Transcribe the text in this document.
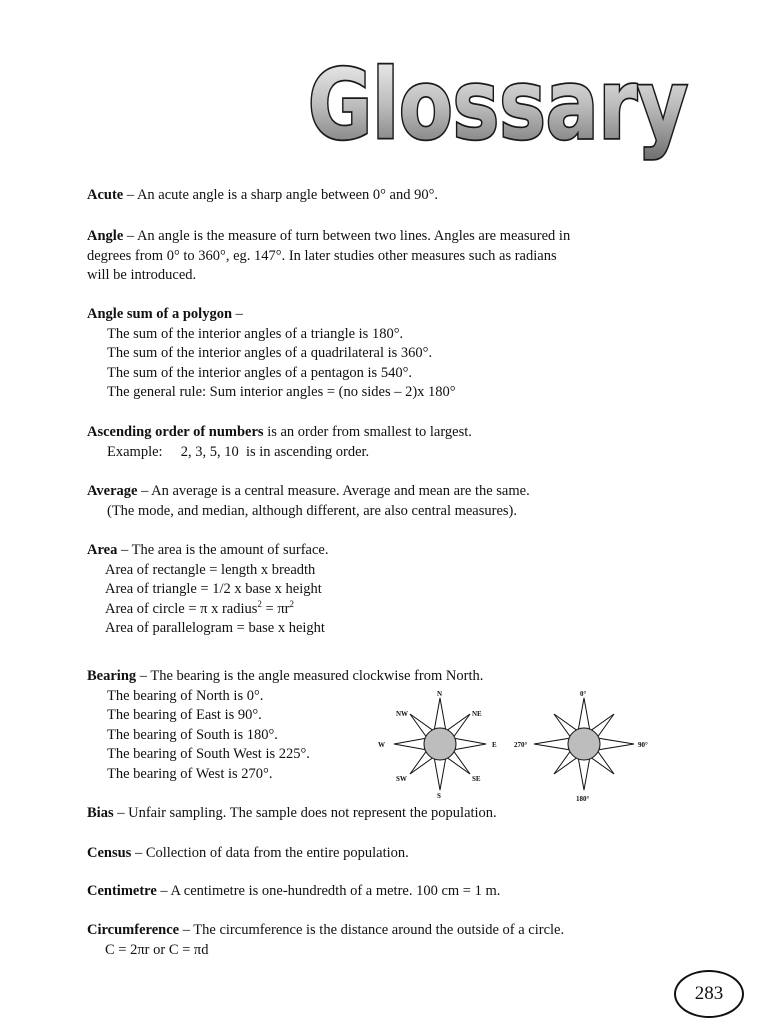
Glossary
Acute – An acute angle is a sharp angle between 0° and 90°.
Angle – An angle is the measure of turn between two lines. Angles are measured in
degrees from 0° to 360°, eg. 147°. In later studies other measures such as radians
will be introduced.
Angle sum of a polygon –
The sum of the interior angles of a triangle is 180°.
The sum of the interior angles of a quadrilateral is 360°.
The sum of the interior angles of a pentagon is 540°.
The general rule: Sum interior angles = (no sides – 2)x 180°
Ascending order of numbers is an order from smallest to largest.
Example:     2, 3, 5, 10  is in ascending order.
Average – An average is a central measure. Average and mean are the same.
(The mode, and median, although different, are also central measures).
Area – The area is the amount of surface.
Area of rectangle = length x breadth
Area of triangle = 1/2 x base x height
Area of circle = π x radius$^2$ = $\pi r^2$
Area of parallelogram = base x height
Bearing – The bearing is the angle measured clockwise from North.
The bearing of North is 0°.
The bearing of East is 90°.
The bearing of South is 180°.
The bearing of South West is 225°.
The bearing of West is 270°.
Bias – Unfair sampling. The sample does not represent the population.
Census – Collection of data from the entire population.
Centimetre – A centimetre is one-hundredth of a metre. 100 cm = 1 m.
Circumference – The circumference is the distance around the outside of a circle.
C = 2πr or C = πd
N
S
E
W
NE
NW
SE
SW
0°
180°
90°
270°
283
